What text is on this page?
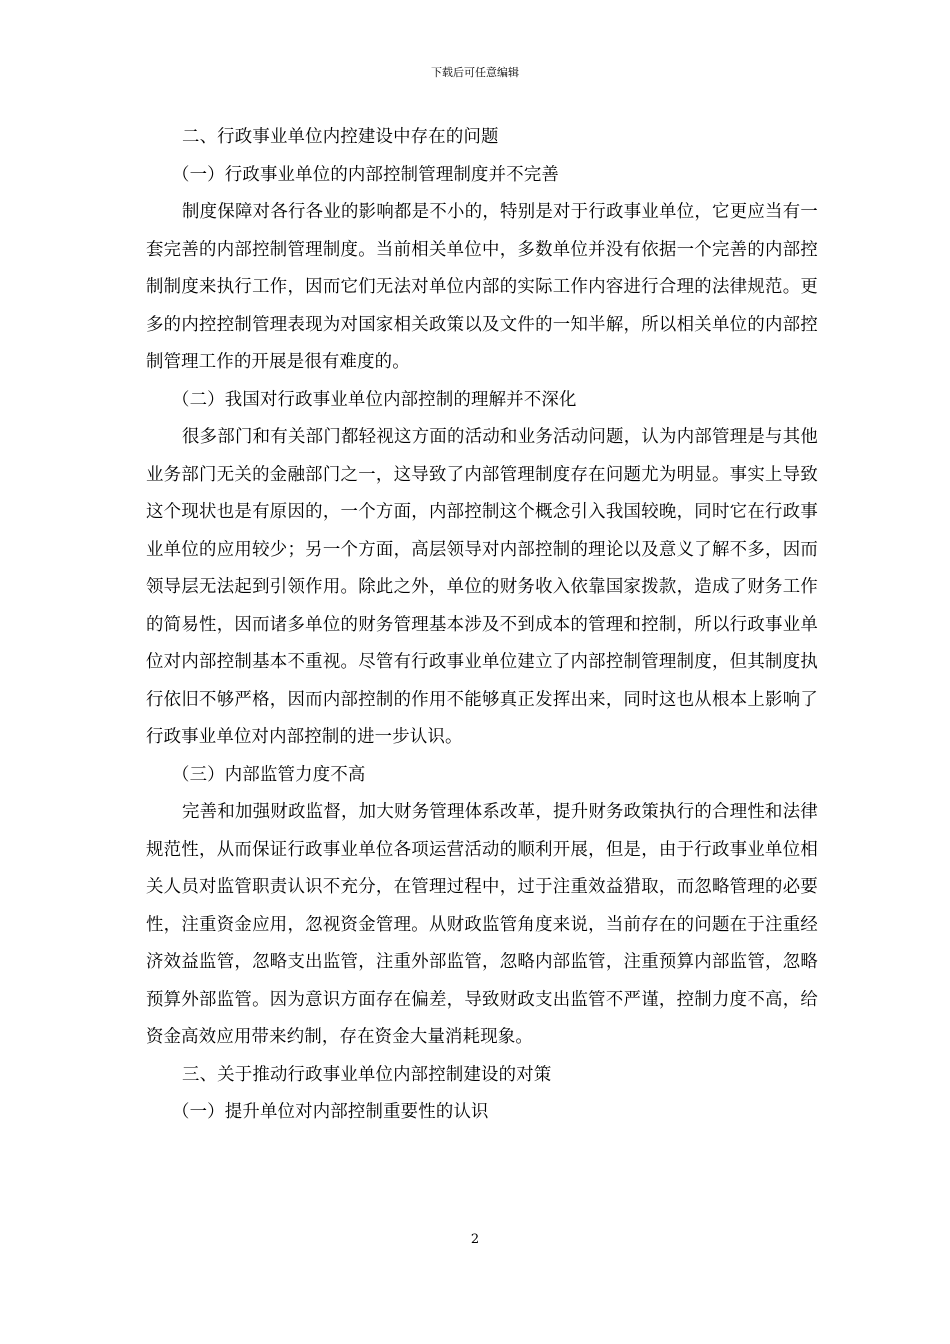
下载后可任意编辑

二、行政事业单位内控建设中存在的问题

（一）行政事业单位的内部控制管理制度并不完善

制度保障对各行各业的影响都是不小的，特别是对于行政事业单位，它更应当有一套完善的内部控制管理制度。当前相关单位中，多数单位并没有依据一个完善的内部控制制度来执行工作，因而它们无法对单位内部的实际工作内容进行合理的法律规范。更多的内控控制管理表现为对国家相关政策以及文件的一知半解，所以相关单位的内部控制管理工作的开展是很有难度的。

（二）我国对行政事业单位内部控制的理解并不深化

很多部门和有关部门都轻视这方面的活动和业务活动问题，认为内部管理是与其他业务部门无关的金融部门之一，这导致了内部管理制度存在问题尤为明显。事实上导致这个现状也是有原因的，一个方面，内部控制这个概念引入我国较晚，同时它在行政事业单位的应用较少；另一个方面，高层领导对内部控制的理论以及意义了解不多，因而领导层无法起到引领作用。除此之外，单位的财务收入依靠国家拨款，造成了财务工作的简易性，因而诸多单位的财务管理基本涉及不到成本的管理和控制，所以行政事业单位对内部控制基本不重视。尽管有行政事业单位建立了内部控制管理制度，但其制度执行依旧不够严格，因而内部控制的作用不能够真正发挥出来，同时这也从根本上影响了行政事业单位对内部控制的进一步认识。

（三）内部监管力度不高

完善和加强财政监督，加大财务管理体系改革，提升财务政策执行的合理性和法律规范性，从而保证行政事业单位各项运营活动的顺利开展，但是，由于行政事业单位相关人员对监管职责认识不充分，在管理过程中，过于注重效益猎取，而忽略管理的必要性，注重资金应用，忽视资金管理。从财政监管角度来说，当前存在的问题在于注重经济效益监管，忽略支出监管，注重外部监管，忽略内部监管，注重预算内部监管，忽略预算外部监管。因为意识方面存在偏差，导致财政支出监管不严谨，控制力度不高，给资金高效应用带来约制，存在资金大量消耗现象。

三、关于推动行政事业单位内部控制建设的对策

（一）提升单位对内部控制重要性的认识

2
